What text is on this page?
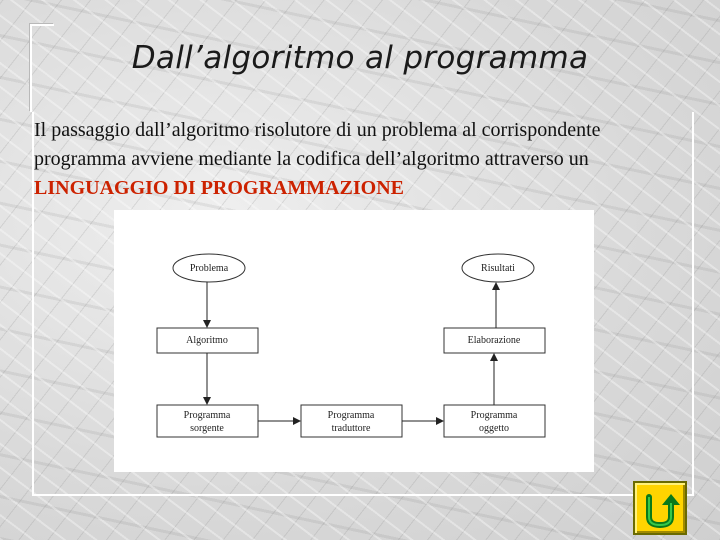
Dall’algoritmo al programma
Il passaggio dall’algoritmo risolutore di un problema al corrispondente
programma avviene mediante la codifica dell’algoritmo attraverso un
LINGUAGGIO DI PROGRAMMAZIONE
Problema	Risultati
Algoritmo	Elaborazione
Programma
sorgente
Programma
traduttore
Programma
oggetto
